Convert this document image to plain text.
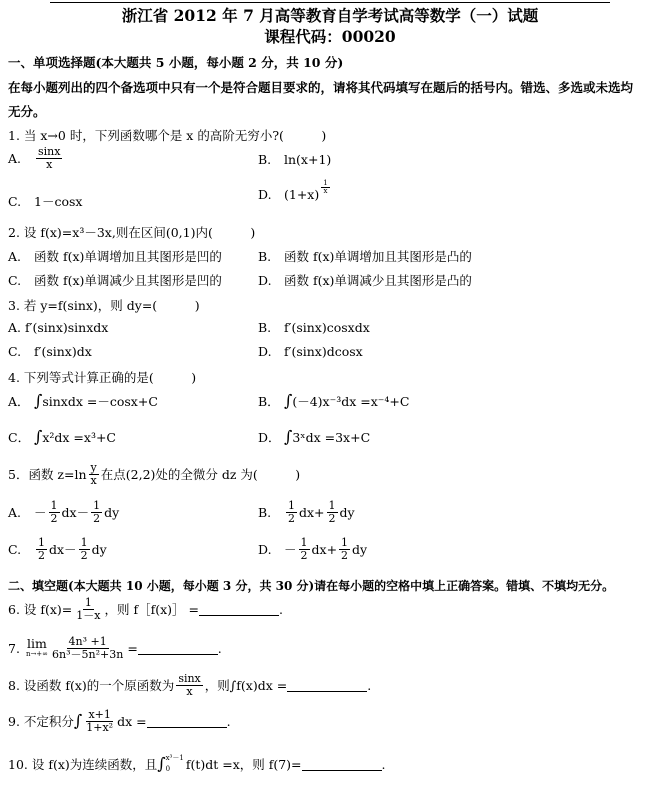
浙江省 2012 年 7 月高等教育自学考试高等数学（一）试题
课程代码：00020
一、单项选择题(本大题共 5 小题，每小题 2 分，共 10 分)
在每小题列出的四个备选项中只有一个是符合题目要求的，请将其代码填写在题后的括号内。错选、多选或未选均
无分。
1. 当 x→0 时，下列函数哪个是 x 的高阶无穷小?(　　　)
A.	$\frac{\sin x}{x}$	B.	ln(x+1)
C.	1－cosx	D. $(1+x) \frac{1}{x}$
2. 设 f(x)=x³－3x,则在区间(0,1)内(　　　)
A.	函数 f(x)单调增加且其图形是凹的	B.	函数 f(x)单调增加且其图形是凸的
C.	函数 f(x)单调减少且其图形是凹的	D. 函数 f(x)单调减少且其图形是凸的
3. 若 y=f(sinx)，则 dy=(　　　)
A. f′(sinx)sinxdx	B.	f′(sinx)cosxdx
C.	f′(sinx)dx	D. f′(sinx)dcosx
4. 下列等式计算正确的是(　　　)
A． ∫ sinxdx =－cosx+C	B． ∫ (－4)x⁻³dx =x⁻⁴+C
C． ∫ x²dx =x³+C	D． ∫ 3ˣdx =3x+C
5．函数 $z=\ln \frac{y}{x}$ 在点(2,2)处的全微分 dz 为(　　　)
A.	－ $\frac{1}{2} dx- \frac{1}{2}$ dy	B.	$\frac{1}{2} dx+ \frac{1}{2}$ dy
C.	$\frac{1}{2} dx- \frac{1}{2}$ dy	D. － $\frac{1}{2} dx+ \frac{1}{2}$ dy
二、填空题(本大题共 10 小题，每小题 3 分，共 30 分)请在每小题的空格中填上正确答案。错填、不填均无分。
6. 设 $f(x)= \frac{1}{1-x}$ ，则 f［f(x)］ =	.
7. lim
$n\to+\infty \frac{\text{4n³ +1}}{\text{6n³－5n²+3n}}$ =	.
8. 设函数 f(x)的一个原函数为 $\frac{\sin x}{x}$ ，则∫f(x)dx =	.
9. 不定积分 ∫ $\frac{x+1}{\text{1+x²}}$ dx =	.
10. 设 f(x)为连续函数，且 ∫ x³－1
0	f(t)dt =x，则 f(7)=	.
